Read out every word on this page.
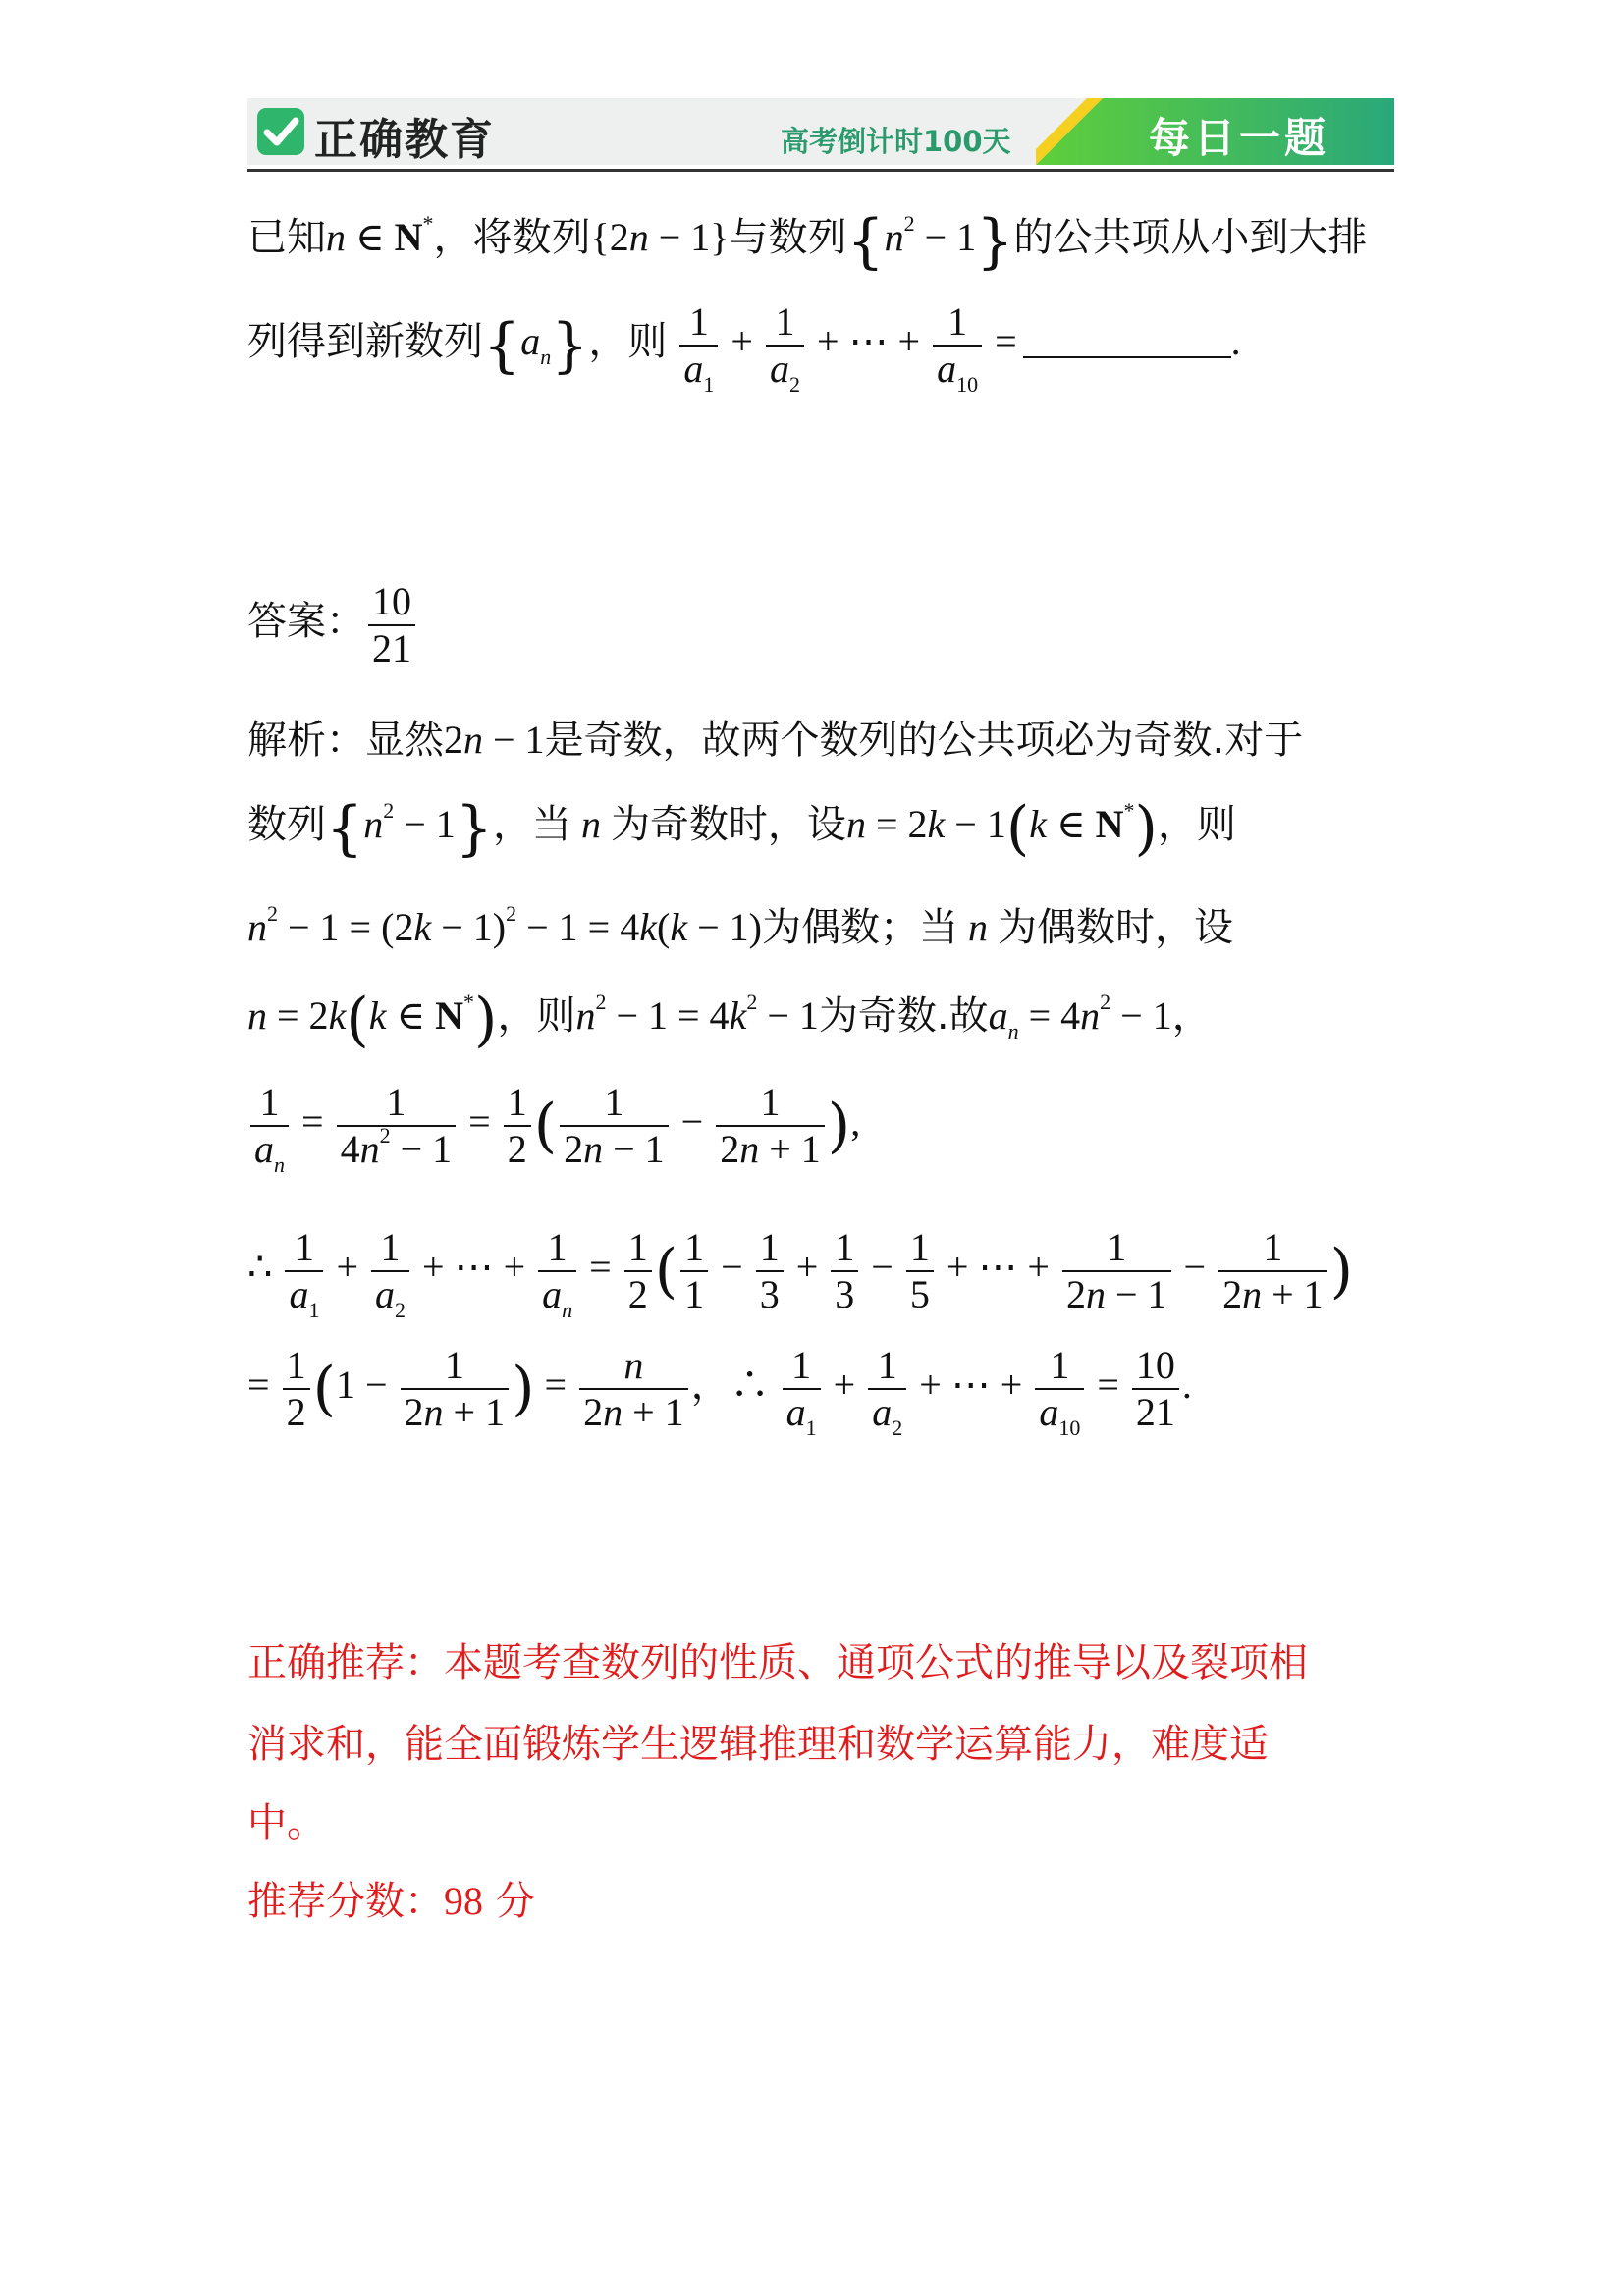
正确教育	高考倒计时100天	每日一题
已知n ∈ N*，将数列{2n − 1}与数列$\{n^2 - 1\}$的公共项从小到大排
列得到新数列$\{a_n\}$，则 $\frac{1}{a_1} + \frac{1}{a_2}$ + ⋯ + $\frac{1}{a_{10}}$ =	.
答案： $\frac{10}{21}$
解析：显然2n − 1是奇数，故两个数列的公共项必为奇数.对于
数列$\{n^2 - 1\}$，当 n 为奇数时，设n = 2k − 1(k ∈ N*)，则
$n^2 - 1 = (2k - 1)^2 - 1 = 4k(k - 1)$为偶数；当 n 为偶数时，设
n = 2k(k ∈ N*)，则$n^2 - 1 = 4k^2 - 1$为奇数.故$a_n = 4n^2 - 1$，
$\frac{1}{a_n} = \frac{1}{4n^2 - 1} = \frac{1}{2}$ ( $\frac{1}{2n - 1} - \frac{1}{2n + 1}$ ),
∴ $\frac{1}{a_1} + \frac{1}{a_2}$ + ⋯ + $\frac{1}{a_n} = \frac{1}{2}$ ( $\frac{1}{1} - \frac{1}{3} + \frac{1}{3} - \frac{1}{5}$ + ⋯ + $\frac{1}{2n - 1} - \frac{1}{2n + 1}$ )
= $\frac{1}{2} (1 - \frac{1}{2n + 1}$ ) = $\frac{n}{2n + 1}$ ，∴ $\frac{1}{a_1} + \frac{1}{a_2}$ + ⋯ + $\frac{1}{a_{10}} = \frac{10}{21}$ .
正确推荐：本题考查数列的性质、通项公式的推导以及裂项相
消求和，能全面锻炼学生逻辑推理和数学运算能力，难度适
中。
推荐分数：98 分
